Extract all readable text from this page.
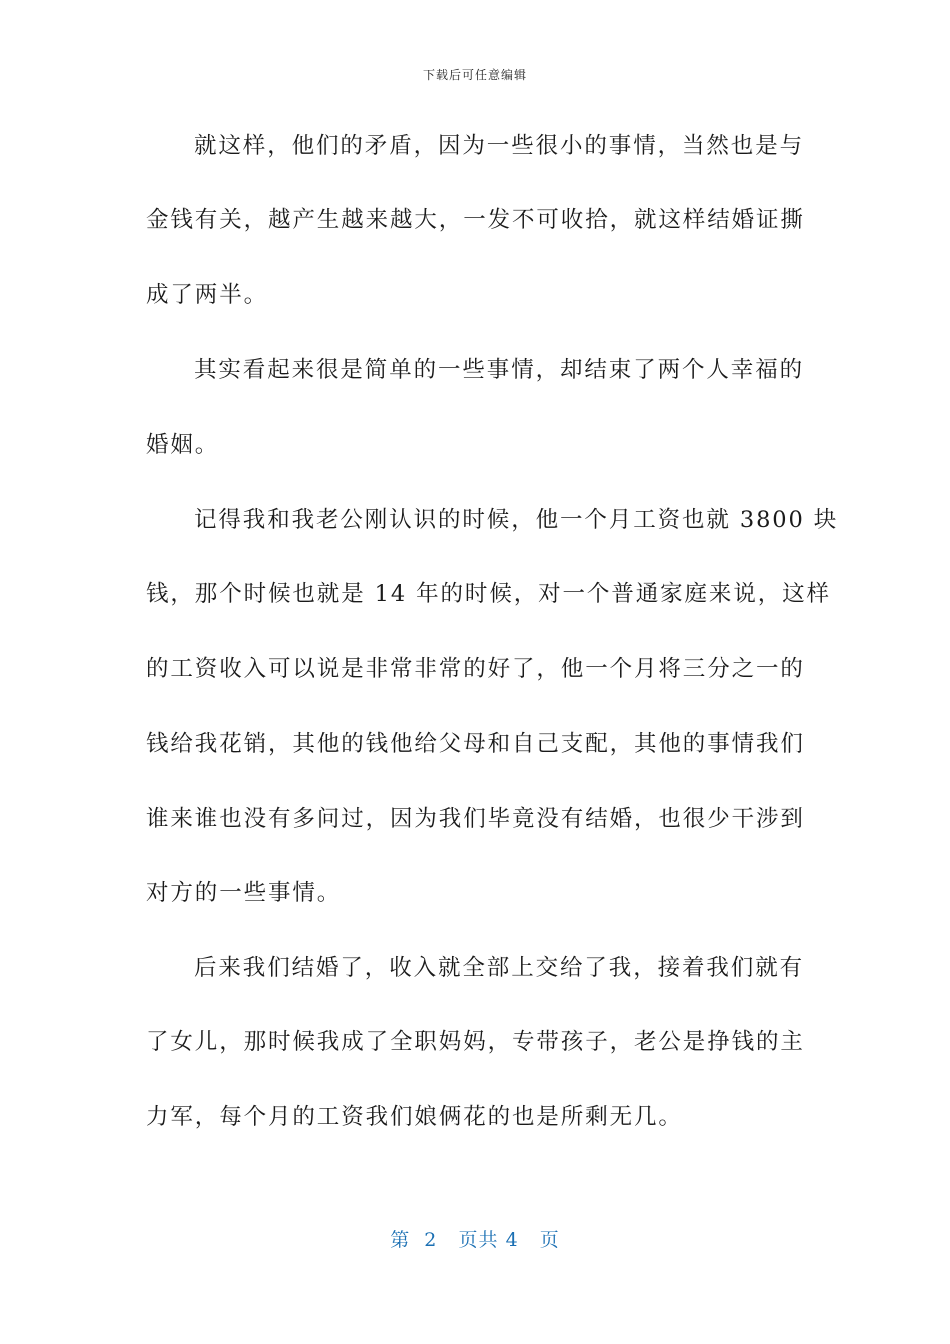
下载后可任意编辑
就这样，他们的矛盾，因为一些很小的事情，当然也是与
金钱有关，越产生越来越大，一发不可收拾，就这样结婚证撕
成了两半。
其实看起来很是简单的一些事情，却结束了两个人幸福的
婚姻。
记得我和我老公刚认识的时候，他一个月工资也就 3800 块
钱，那个时候也就是 14 年的时候，对一个普通家庭来说，这样
的工资收入可以说是非常非常的好了，他一个月将三分之一的
钱给我花销，其他的钱他给父母和自己支配，其他的事情我们
谁来谁也没有多问过，因为我们毕竟没有结婚，也很少干涉到
对方的一些事情。
后来我们结婚了，收入就全部上交给了我，接着我们就有
了女儿，那时候我成了全职妈妈，专带孩子，老公是挣钱的主
力军，每个月的工资我们娘俩花的也是所剩无几。
第 2 页共 4 页
